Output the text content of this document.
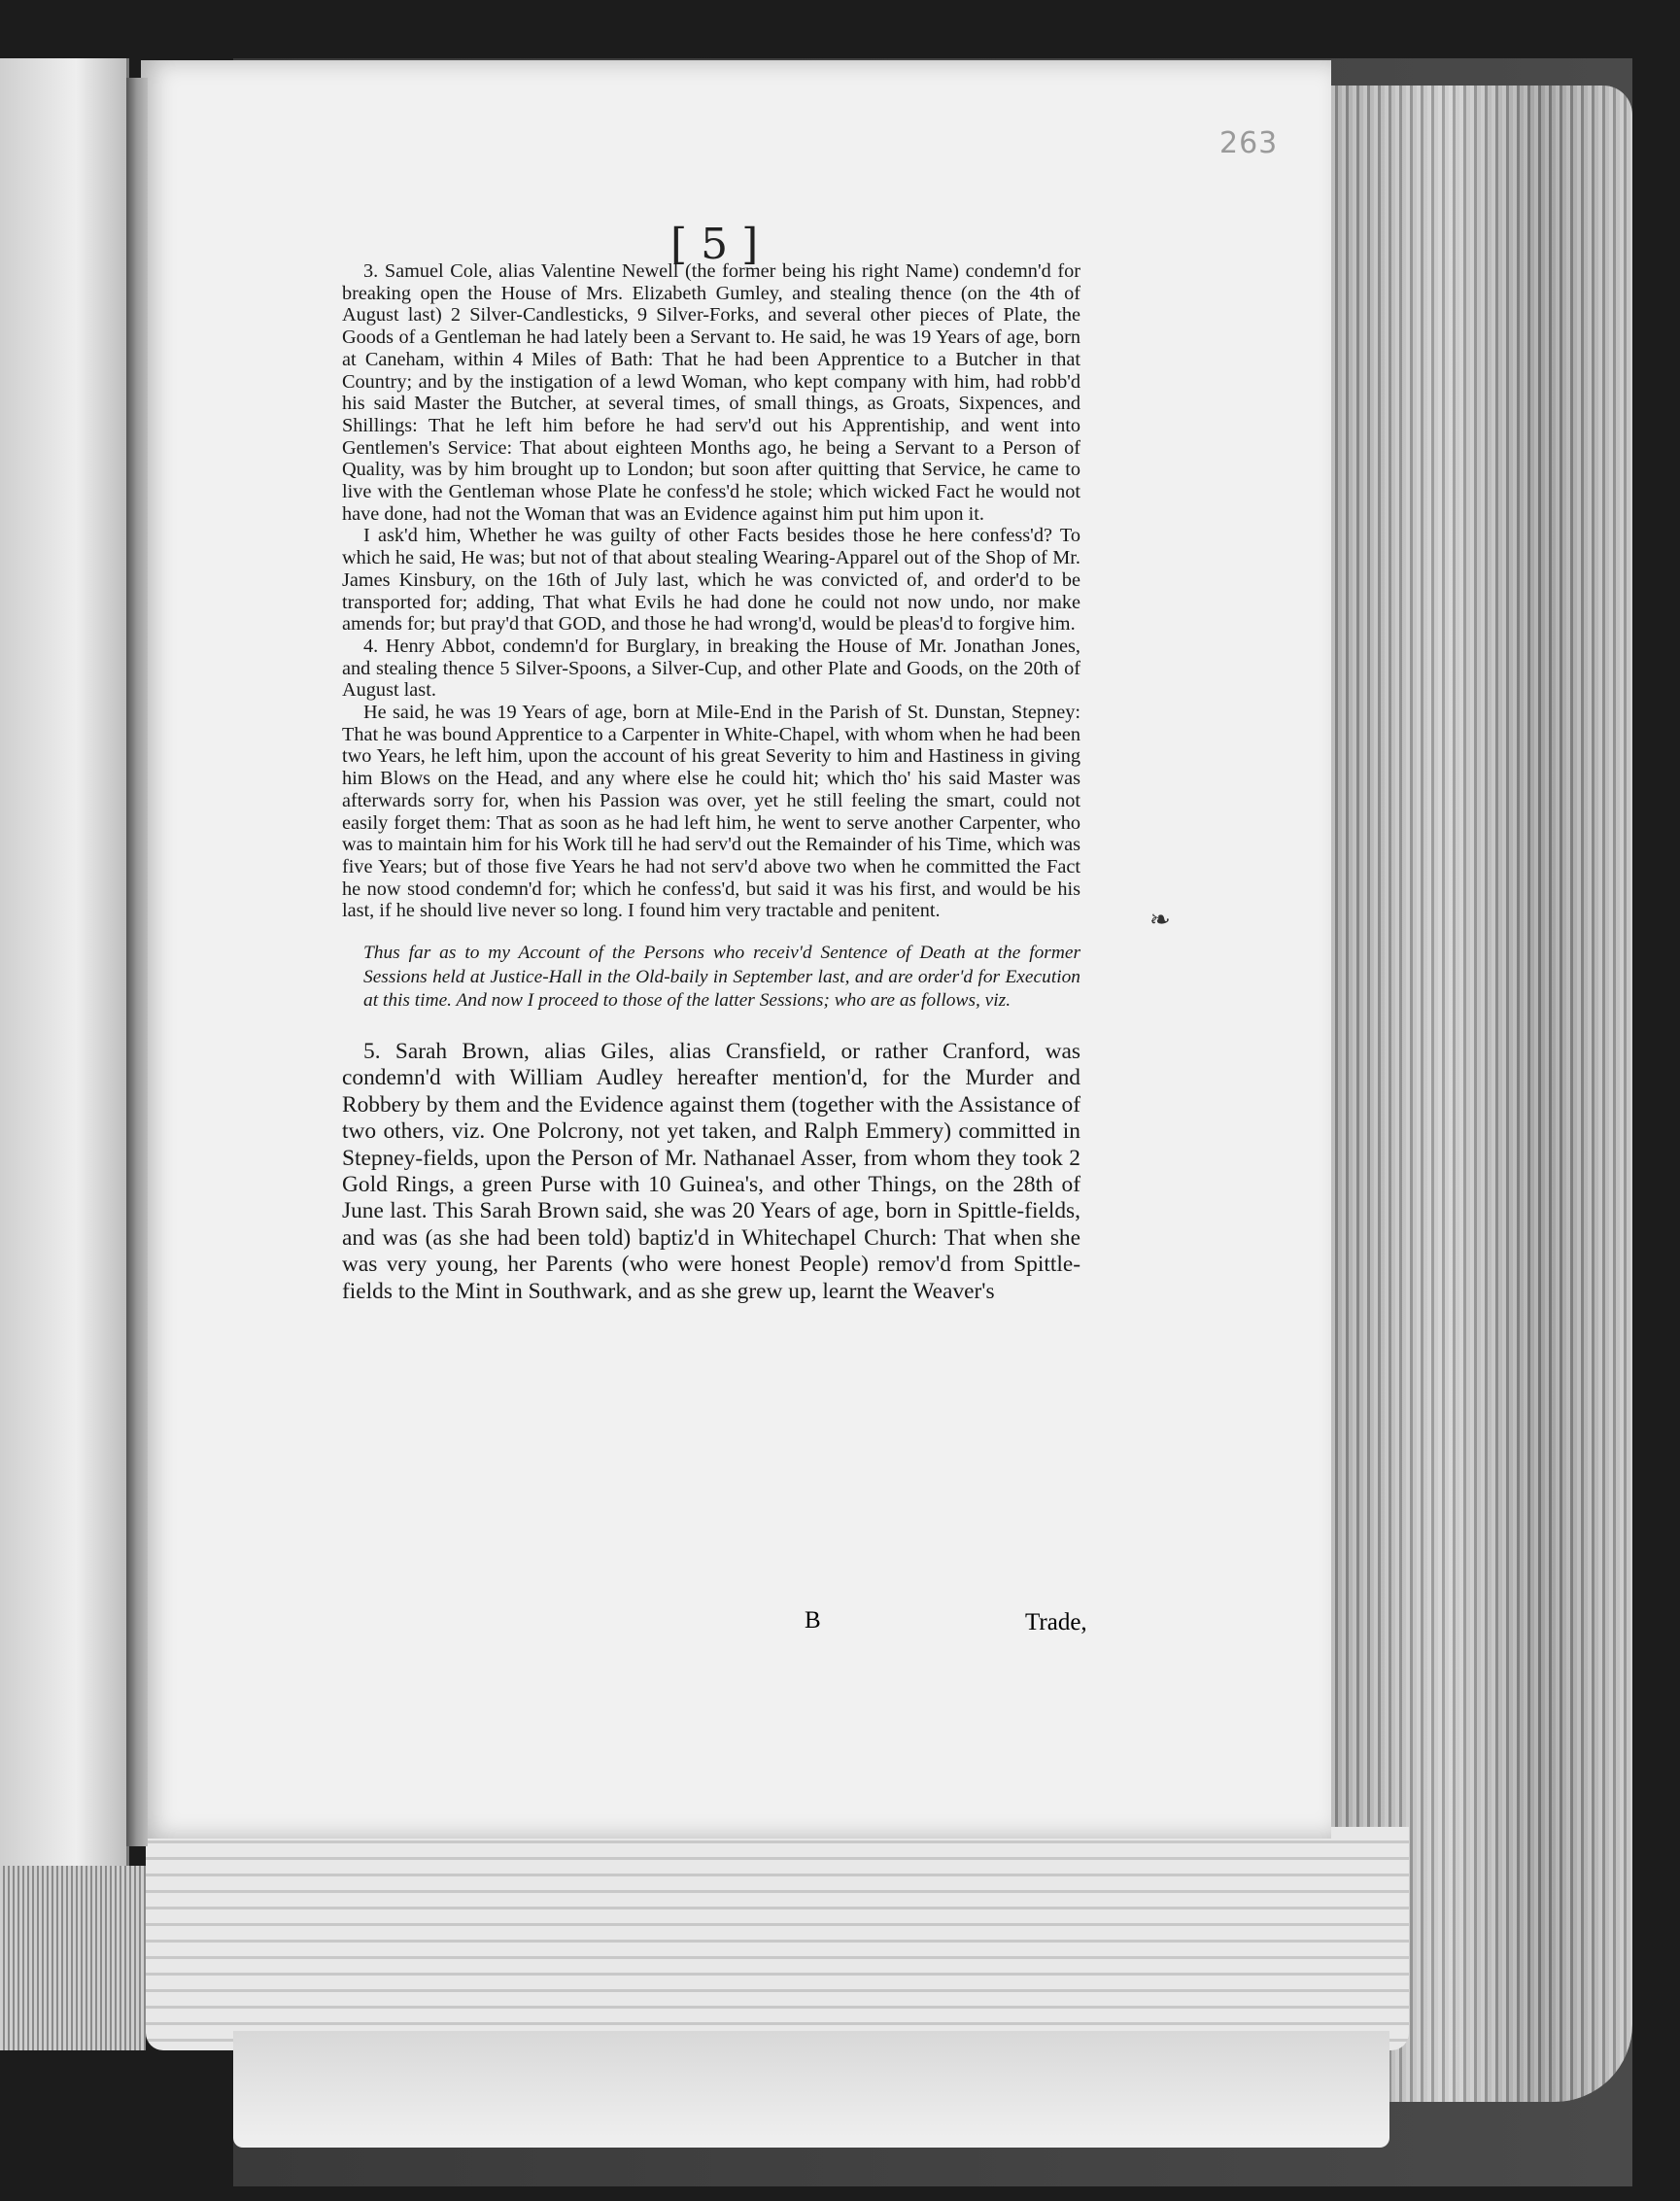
263
[ 5 ]

3. Samuel Cole, alias Valentine Newell (the former being his right Name) condemn'd for breaking open the House of Mrs. Elizabeth Gumley, and stealing thence (on the 4th of August last) 2 Silver-Candlesticks, 9 Silver-Forks, and several other pieces of Plate, the Goods of a Gentleman he had lately been a Servant to. He said, he was 19 Years of age, born at Caneham, within 4 Miles of Bath: That he had been Apprentice to a Butcher in that Country; and by the instigation of a lewd Woman, who kept company with him, had robb'd his said Master the Butcher, at several times, of small things, as Groats, Sixpences, and Shillings: That he left him before he had serv'd out his Apprentiship, and went into Gentlemen's Service: That about eighteen Months ago, he being a Servant to a Person of Quality, was by him brought up to London; but soon after quitting that Service, he came to live with the Gentleman whose Plate he confess'd he stole; which wicked Fact he would not have done, had not the Woman that was an Evidence against him put him upon it.

I ask'd him, Whether he was guilty of other Facts besides those he here confess'd? To which he said, He was; but not of that about stealing Wearing-Apparel out of the Shop of Mr. James Kinsbury, on the 16th of July last, which he was convicted of, and order'd to be transported for; adding, That what Evils he had done he could not now undo, nor make amends for; but pray'd that GOD, and those he had wrong'd, would be pleas'd to forgive him.

4. Henry Abbot, condemn'd for Burglary, in breaking the House of Mr. Jonathan Jones, and stealing thence 5 Silver-Spoons, a Silver-Cup, and other Plate and Goods, on the 20th of August last.

He said, he was 19 Years of age, born at Mile-End in the Parish of St. Dunstan, Stepney: That he was bound Apprentice to a Carpenter in White-Chapel, with whom when he had been two Years, he left him, upon the account of his great Severity to him and Hastiness in giving him Blows on the Head, and any where else he could hit; which tho' his said Master was afterwards sorry for, when his Passion was over, yet he still feeling the smart, could not easily forget them: That as soon as he had left him, he went to serve another Carpenter, who was to maintain him for his Work till he had serv'd out the Remainder of his Time, which was five Years; but of those five Years he had not serv'd above two when he committed the Fact he now stood condemn'd for; which he confess'd, but said it was his first, and would be his last, if he should live never so long. I found him very tractable and penitent.

Thus far as to my Account of the Persons who receiv'd Sentence of Death at the former Sessions held at Justice-Hall in the Old-baily in September last, and are order'd for Execution at this time. And now I proceed to those of the latter Sessions; who are as follows, viz.

5. Sarah Brown, alias Giles, alias Cransfield, or rather Cranford, was condemn'd with William Audley hereafter mention'd, for the Murder and Robbery by them and the Evidence against them (together with the Assistance of two others, viz. One Polcrony, not yet taken, and Ralph Emmery) committed in Stepney-fields, upon the Person of Mr. Nathanael Asser, from whom they took 2 Gold Rings, a green Purse with 10 Guinea's, and other Things, on the 28th of June last. This Sarah Brown said, she was 20 Years of age, born in Spittle-fields, and was (as she had been told) baptiz'd in Whitechapel Church: That when she was very young, her Parents (who were honest People) remov'd from Spittle-fields to the Mint in Southwark, and as she grew up, learnt the Weaver's

B	Trade,
❧
